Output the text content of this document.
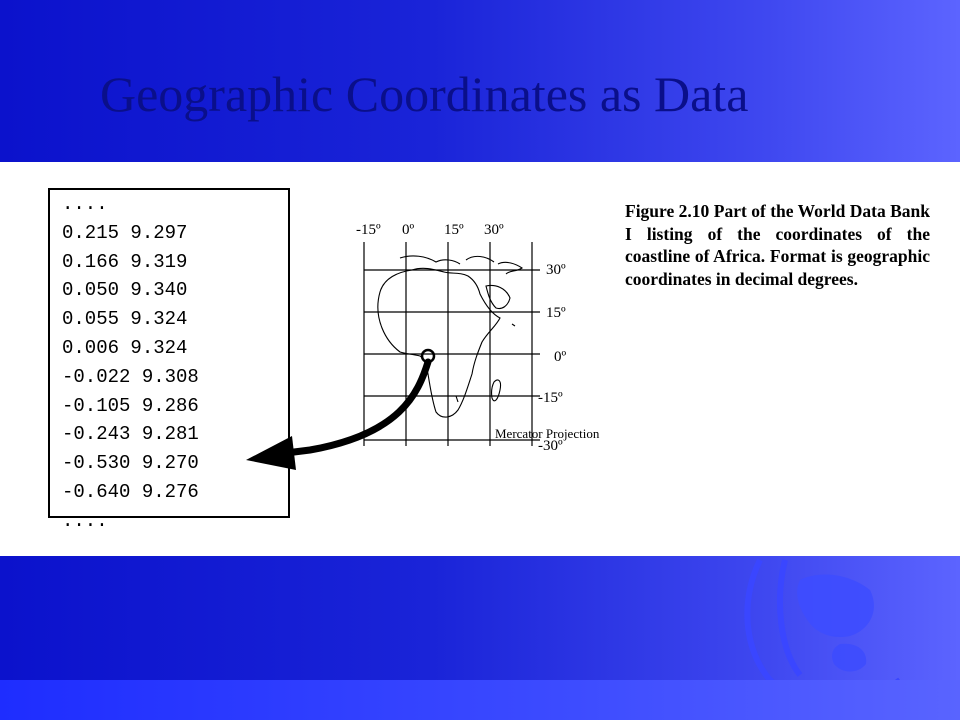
Geographic Coordinates as Data
....
0.215 9.297
0.166 9.319
0.050 9.340
0.055 9.324
0.006 9.324
-0.022 9.308
-0.105 9.286
-0.243 9.281
-0.530 9.270
-0.640 9.276
....
-15º 0º 15º 30º
30º
15º
0º
-15º
-30º
Mercator Projection
Figure 2.10 Part of the World Data Bank I listing of the coordinates of the coastline of Africa. Format is geographic coordinates in decimal degrees.
